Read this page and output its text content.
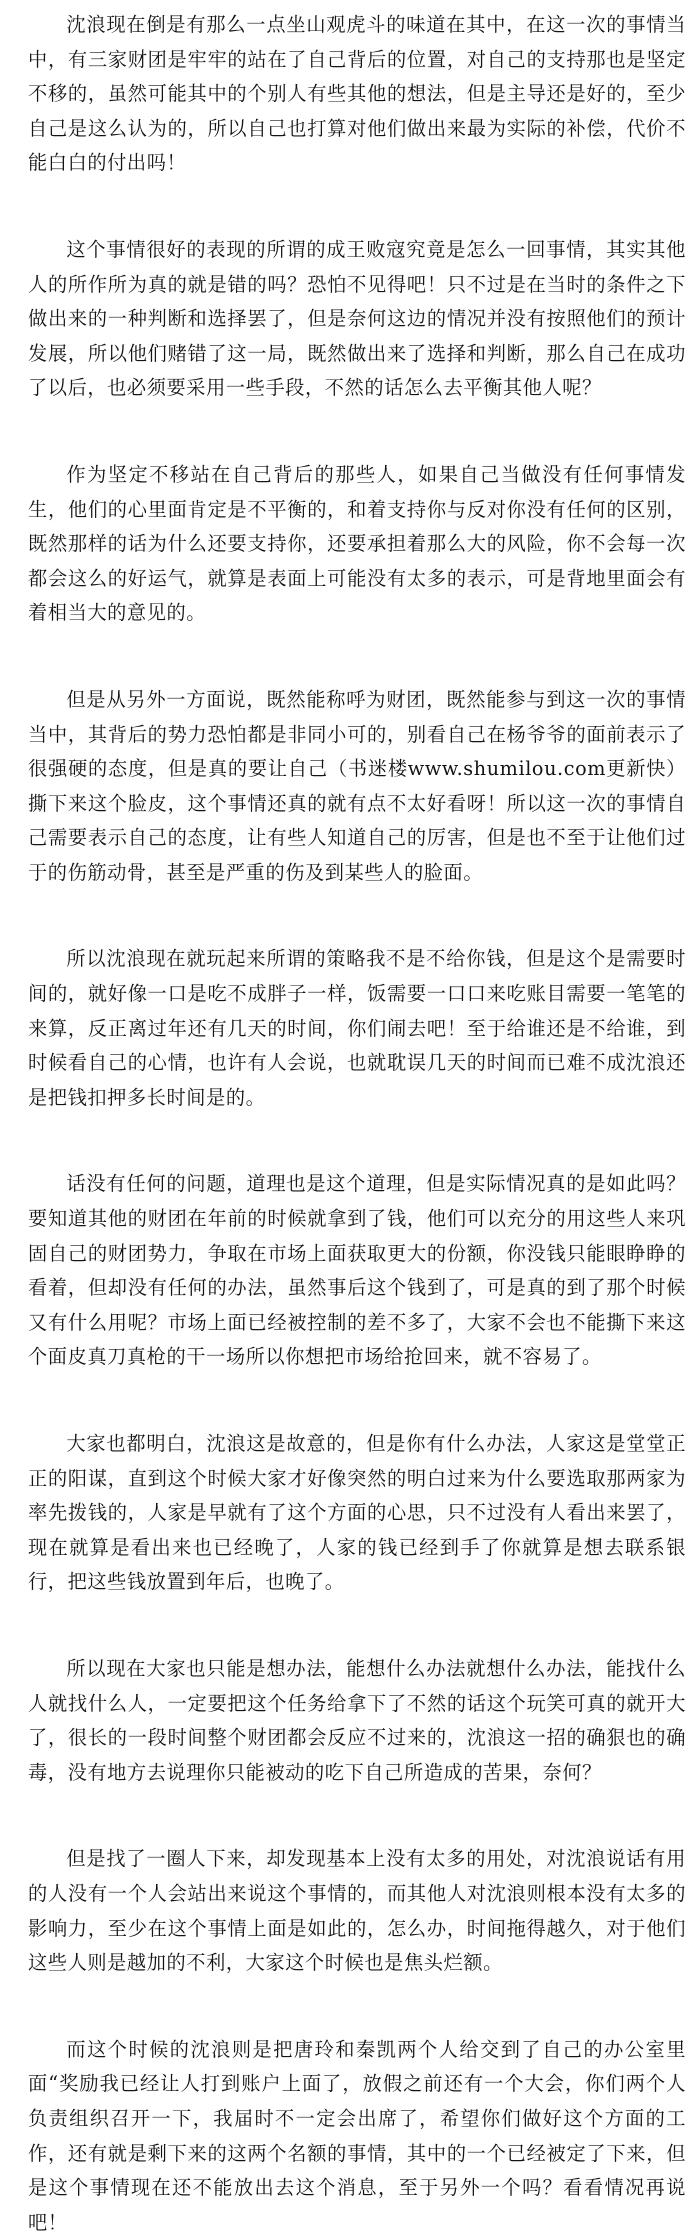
沈浪现在倒是有那么一点坐山观虎斗的味道在其中，在这一次的事情当中，有三家财团是牢牢的站在了自己背后的位置，对自己的支持那也是坚定不移的，虽然可能其中的个别人有些其他的想法，但是主导还是好的，至少自己是这么认为的，所以自己也打算对他们做出来最为实际的补偿，代价不能白白的付出吗！

这个事情很好的表现的所谓的成王败寇究竟是怎么一回事情，其实其他人的所作所为真的就是错的吗？恐怕不见得吧！只不过是在当时的条件之下做出来的一种判断和选择罢了，但是奈何这边的情况并没有按照他们的预计发展，所以他们赌错了这一局，既然做出来了选择和判断，那么自己在成功了以后，也必须要采用一些手段，不然的话怎么去平衡其他人呢？

作为坚定不移站在自己背后的那些人，如果自己当做没有任何事情发生，他们的心里面肯定是不平衡的，和着支持你与反对你没有任何的区别，既然那样的话为什么还要支持你，还要承担着那么大的风险，你不会每一次都会这么的好运气，就算是表面上可能没有太多的表示，可是背地里面会有着相当大的意见的。

但是从另外一方面说，既然能称呼为财团，既然能参与到这一次的事情当中，其背后的势力恐怕都是非同小可的，别看自己在杨爷爷的面前表示了很强硬的态度，但是真的要让自己（书迷楼www.shumilou.com更新快）撕下来这个脸皮，这个事情还真的就有点不太好看呀！所以这一次的事情自己需要表示自己的态度，让有些人知道自己的厉害，但是也不至于让他们过于的伤筋动骨，甚至是严重的伤及到某些人的脸面。

所以沈浪现在就玩起来所谓的策略我不是不给你钱，但是这个是需要时间的，就好像一口是吃不成胖子一样，饭需要一口口来吃账目需要一笔笔的来算，反正离过年还有几天的时间，你们闹去吧！至于给谁还是不给谁，到时候看自己的心情，也许有人会说，也就耽误几天的时间而已难不成沈浪还是把钱扣押多长时间是的。

话没有任何的问题，道理也是这个道理，但是实际情况真的是如此吗？要知道其他的财团在年前的时候就拿到了钱，他们可以充分的用这些人来巩固自己的财团势力，争取在市场上面获取更大的份额，你没钱只能眼睁睁的看着，但却没有任何的办法，虽然事后这个钱到了，可是真的到了那个时候又有什么用呢？市场上面已经被控制的差不多了，大家不会也不能撕下来这个面皮真刀真枪的干一场所以你想把市场给抢回来，就不容易了。

大家也都明白，沈浪这是故意的，但是你有什么办法，人家这是堂堂正正的阳谋，直到这个时候大家才好像突然的明白过来为什么要选取那两家为率先拨钱的，人家是早就有了这个方面的心思，只不过没有人看出来罢了，现在就算是看出来也已经晚了，人家的钱已经到手了你就算是想去联系银行，把这些钱放置到年后，也晚了。

所以现在大家也只能是想办法，能想什么办法就想什么办法，能找什么人就找什么人，一定要把这个任务给拿下了不然的话这个玩笑可真的就开大了，很长的一段时间整个财团都会反应不过来的，沈浪这一招的确狠也的确毒，没有地方去说理你只能被动的吃下自己所造成的苦果，奈何？

但是找了一圈人下来，却发现基本上没有太多的用处，对沈浪说话有用的人没有一个人会站出来说这个事情的，而其他人对沈浪则根本没有太多的影响力，至少在这个事情上面是如此的，怎么办，时间拖得越久，对于他们这些人则是越加的不利，大家这个时候也是焦头烂额。

而这个时候的沈浪则是把唐玲和秦凯两个人给交到了自己的办公室里面“奖励我已经让人打到账户上面了，放假之前还有一个大会，你们两个人负责组织召开一下，我届时不一定会出席了，希望你们做好这个方面的工作，还有就是剩下来的这两个名额的事情，其中的一个已经被定了下来，但是这个事情现在还不能放出去这个消息，至于另外一个吗？看看情况再说吧！
